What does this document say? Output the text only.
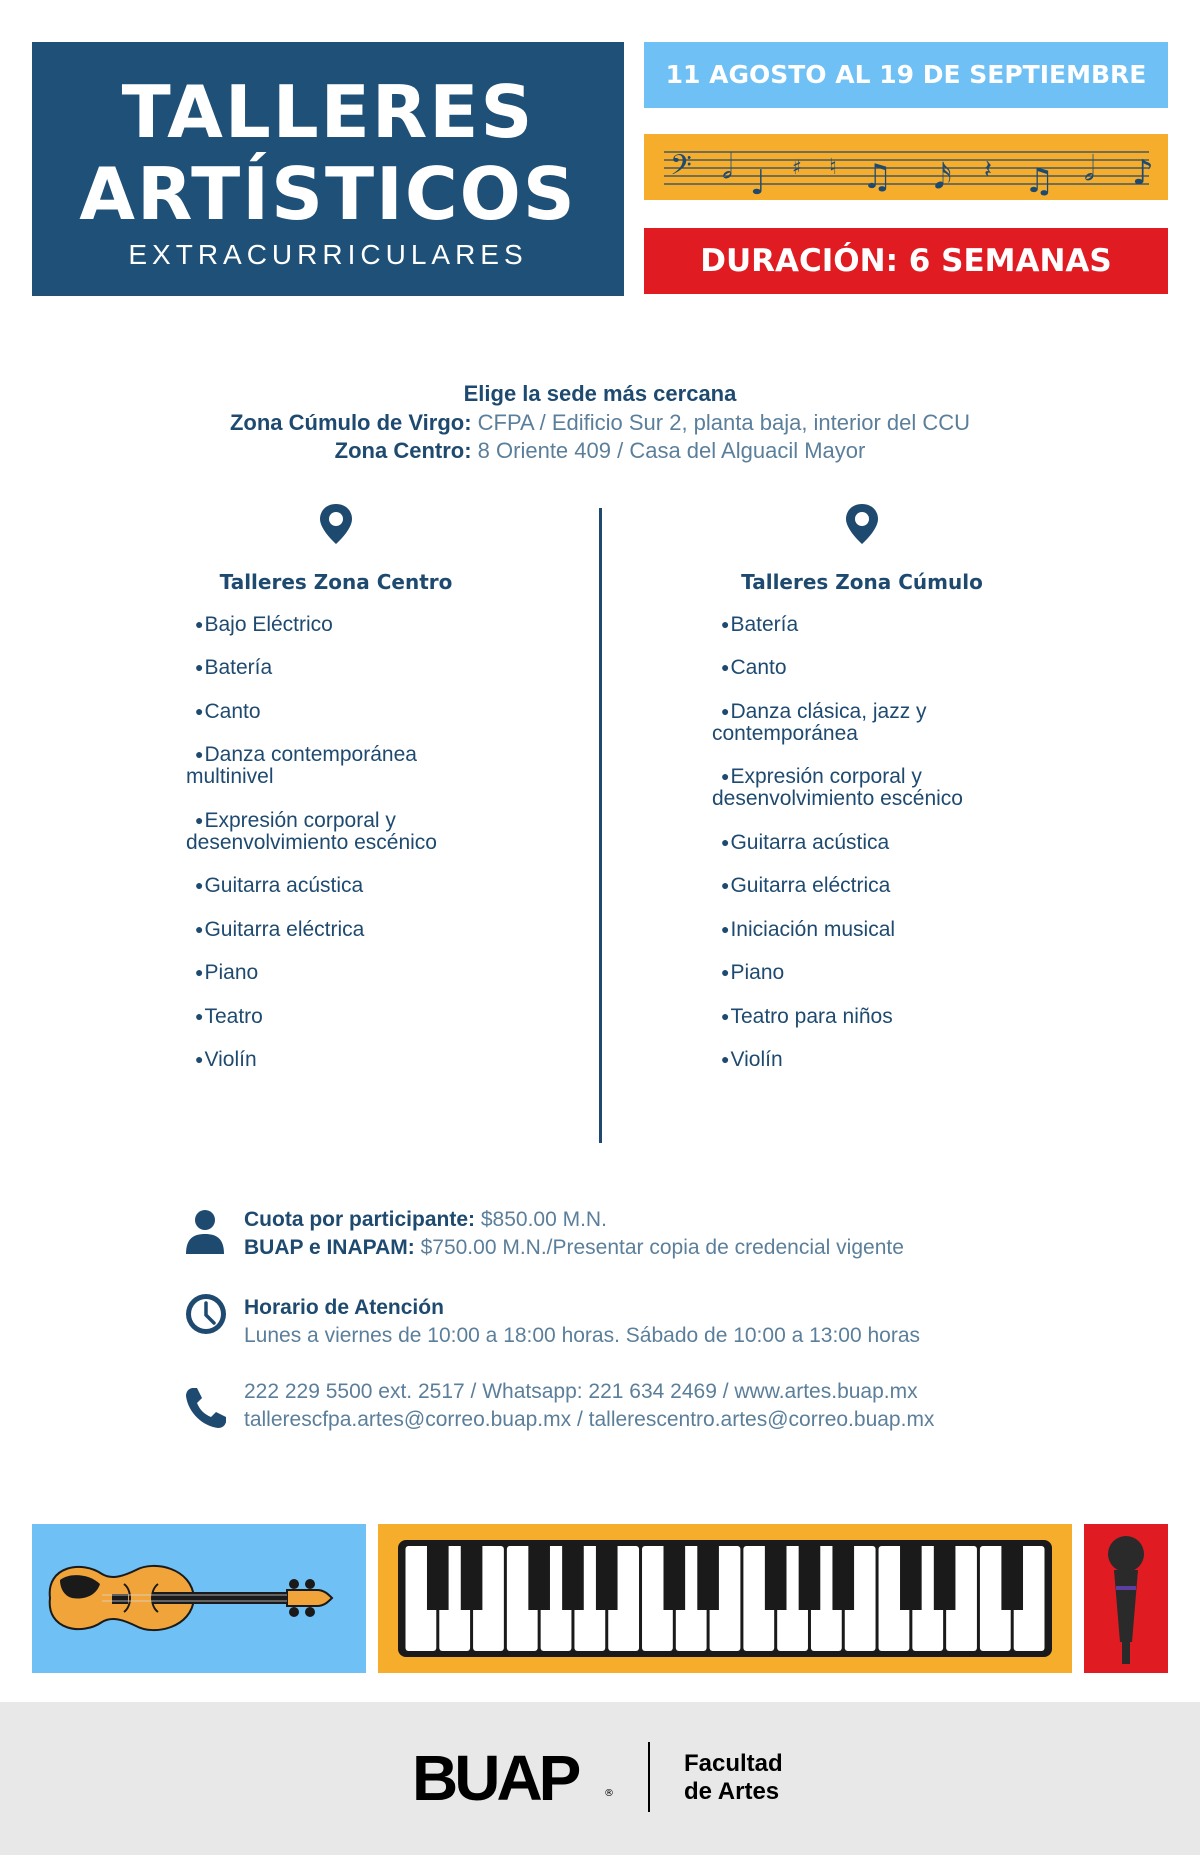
TALLERES
ARTÍSTICOS
EXTRACURRICULARES
11 AGOSTO AL 19 DE SEPTIEMBRE
𝄢 𝅗𝅥 ♩ ♯ ♮ ♫ 𝅘𝅥𝅯 𝄽 ♫ 𝅗𝅥 ♪
DURACIÓN: 6 SEMANAS
Elige la sede más cercana
Zona Cúmulo de Virgo: CFPA / Edificio Sur 2, planta baja, interior del CCU
Zona Centro: 8 Oriente 409 / Casa del Alguacil Mayor
Talleres Zona Centro	Talleres Zona Cúmulo
● Bajo Eléctrico
● Batería
● Canto
● Danza contemporánea
multinivel
● Expresión corporal y
desenvolvimiento escénico
● Guitarra acústica
● Guitarra eléctrica
● Piano
● Teatro
● Violín
● Batería
● Canto
● Danza clásica, jazz y
contemporánea
● Expresión corporal y
desenvolvimiento escénico
● Guitarra acústica
● Guitarra eléctrica
● Iniciación musical
● Piano
● Teatro para niños
● Violín
Cuota por participante: $850.00 M.N.
BUAP e INAPAM: $750.00 M.N./Presentar copia de credencial vigente
Horario de Atención
Lunes a viernes de 10:00 a 18:00 horas. Sábado de 10:00 a 13:00 horas
222 229 5500 ext. 2517 / Whatsapp: 221 634 2469 / www.artes.buap.mx
tallerescfpa.artes@correo.buap.mx / tallerescentro.artes@correo.buap.mx
BUAP	®
Facultad
de Artes
